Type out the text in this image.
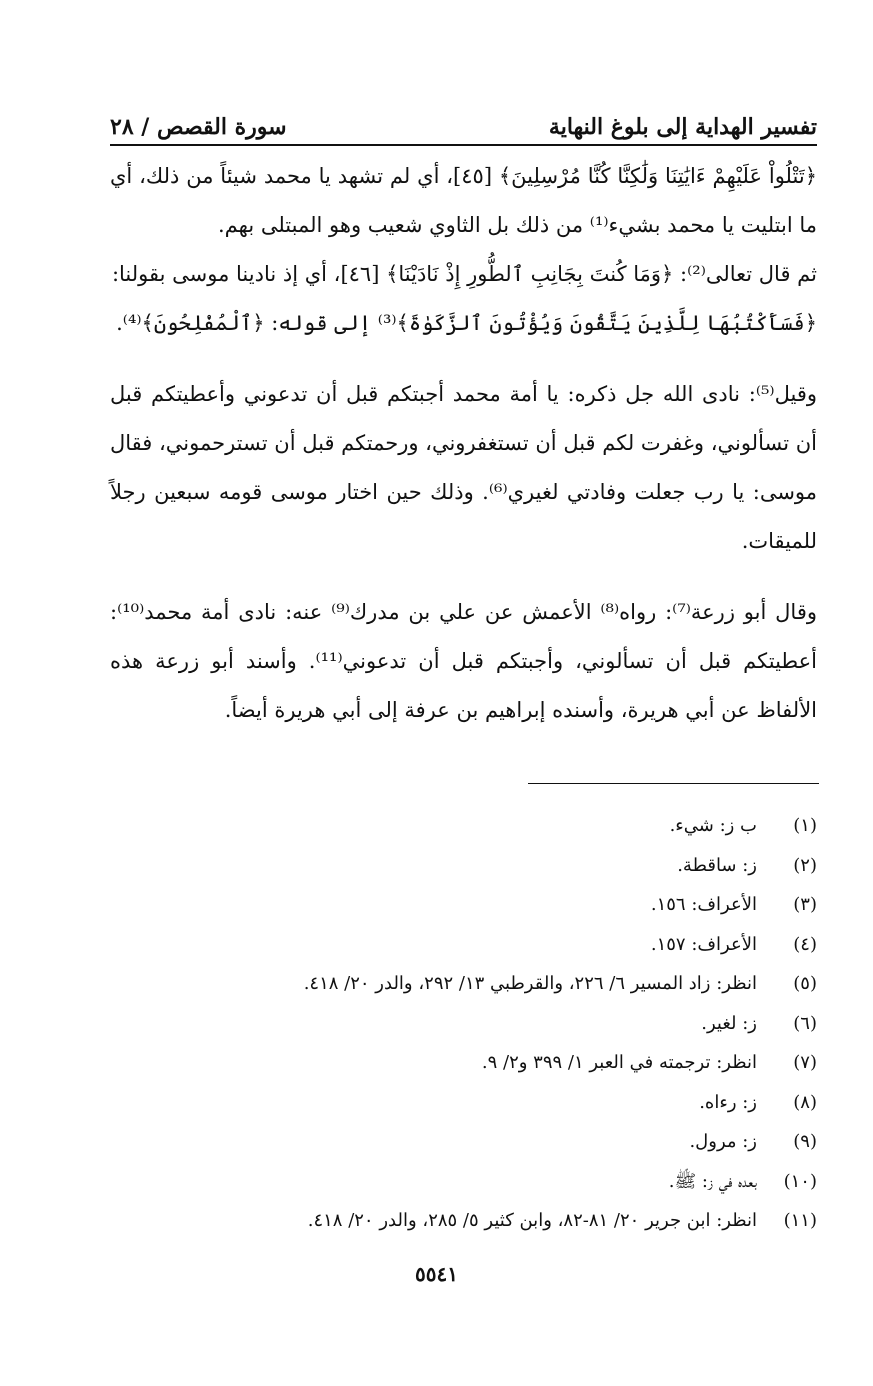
تفسير الهداية إلى بلوغ النهاية
سورة القصص / ٢٨

﴿تَتْلُواْ عَلَيْهِمْ ءَايَٰتِنَا وَلَٰكِنَّا كُنَّا مُرْسِلِينَ﴾ [٤٥]، أي لم تشهد يا محمد شيئاً من ذلك، أي ما ابتليت يا محمد بشيء⁽¹⁾ من ذلك بل الثاوي شعيب وهو المبتلى بهم.

ثم قال تعالى⁽²⁾: ﴿وَمَا كُنتَ بِجَانِبِ ٱلطُّورِ إِذْ نَادَيْنَا﴾ [٤٦]، أي إذ نادينا موسى بقولنا:

﴿فَسَأَكْتُبُهَا لِلَّذِينَ يَتَّقُونَ وَيُؤْتُونَ ٱلزَّكَوٰةَ﴾⁽³⁾ إلى قوله: ﴿ٱلْمُفْلِحُونَ﴾⁽⁴⁾.

وقيل⁽⁵⁾: نادى الله جل ذكره: يا أمة محمد أجبتكم قبل أن تدعوني وأعطيتكم قبل أن تسألوني، وغفرت لكم قبل أن تستغفروني، ورحمتكم قبل أن تسترحموني، فقال موسى: يا رب جعلت وفادتي لغيري⁽⁶⁾. وذلك حين اختار موسى قومه سبعين رجلاً للميقات.

وقال أبو زرعة⁽⁷⁾: رواه⁽⁸⁾ الأعمش عن علي بن مدرك⁽⁹⁾ عنه: نادى أمة محمد⁽¹⁰⁾: أعطيتكم قبل أن تسألوني، وأجبتكم قبل أن تدعوني⁽¹¹⁾. وأسند أبو زرعة هذه الألفاظ عن أبي هريرة، وأسنده إبراهيم بن عرفة إلى أبي هريرة أيضاً.

(١)
ب ز: شيء.
(٢)
ز: ساقطة.
(٣)
الأعراف: ١٥٦.
(٤)
الأعراف: ١٥٧.
(٥)
انظر: زاد المسير ٦/ ٢٢٦، والقرطبي ١٣/ ٢٩٢، والدر ٢٠/ ٤١٨.
(٦)
ز: لغير.
(٧)
انظر: ترجمته في العبر ١/ ٣٩٩ و٢/ ٩.
(٨)
ز: رءاه.
(٩)
ز: مرول.
(١٠)
بعده في ز: ﷺ.
(١١)
انظر: ابن جرير ٢٠/ ٨١-٨٢، وابن كثير ٥/ ٢٨٥، والدر ٢٠/ ٤١٨.
٥٥٤١
